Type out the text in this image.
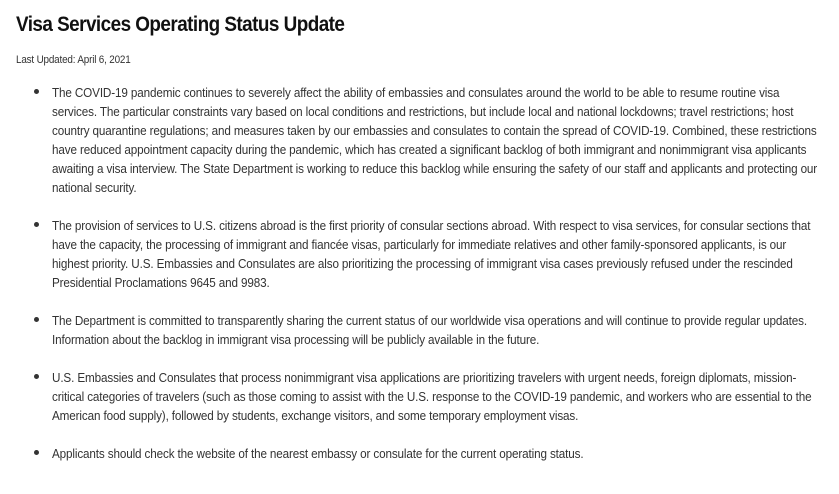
Visa Services Operating Status Update

Last Updated: April 6, 2021

The COVID-19 pandemic continues to severely affect the ability of embassies and consulates around the world to be able to resume routine visa services. The particular constraints vary based on local conditions and restrictions, but include local and national lockdowns; travel restrictions; host country quarantine regulations; and measures taken by our embassies and consulates to contain the spread of COVID-19. Combined, these restrictions have reduced appointment capacity during the pandemic, which has created a significant backlog of both immigrant and nonimmigrant visa applicants awaiting a visa interview. The State Department is working to reduce this backlog while ensuring the safety of our staff and applicants and protecting our national security.
The provision of services to U.S. citizens abroad is the first priority of consular sections abroad. With respect to visa services, for consular sections that have the capacity, the processing of immigrant and fiancée visas, particularly for immediate relatives and other family-sponsored applicants, is our highest priority. U.S. Embassies and Consulates are also prioritizing the processing of immigrant visa cases previously refused under the rescinded Presidential Proclamations 9645 and 9983.
The Department is committed to transparently sharing the current status of our worldwide visa operations and will continue to provide regular updates. Information about the backlog in immigrant visa processing will be publicly available in the future.
U.S. Embassies and Consulates that process nonimmigrant visa applications are prioritizing travelers with urgent needs, foreign diplomats, mission-critical categories of travelers (such as those coming to assist with the U.S. response to the COVID-19 pandemic, and workers who are essential to the American food supply), followed by students, exchange visitors, and some temporary employment visas.
Applicants should check the website of the nearest embassy or consulate for the current operating status.
